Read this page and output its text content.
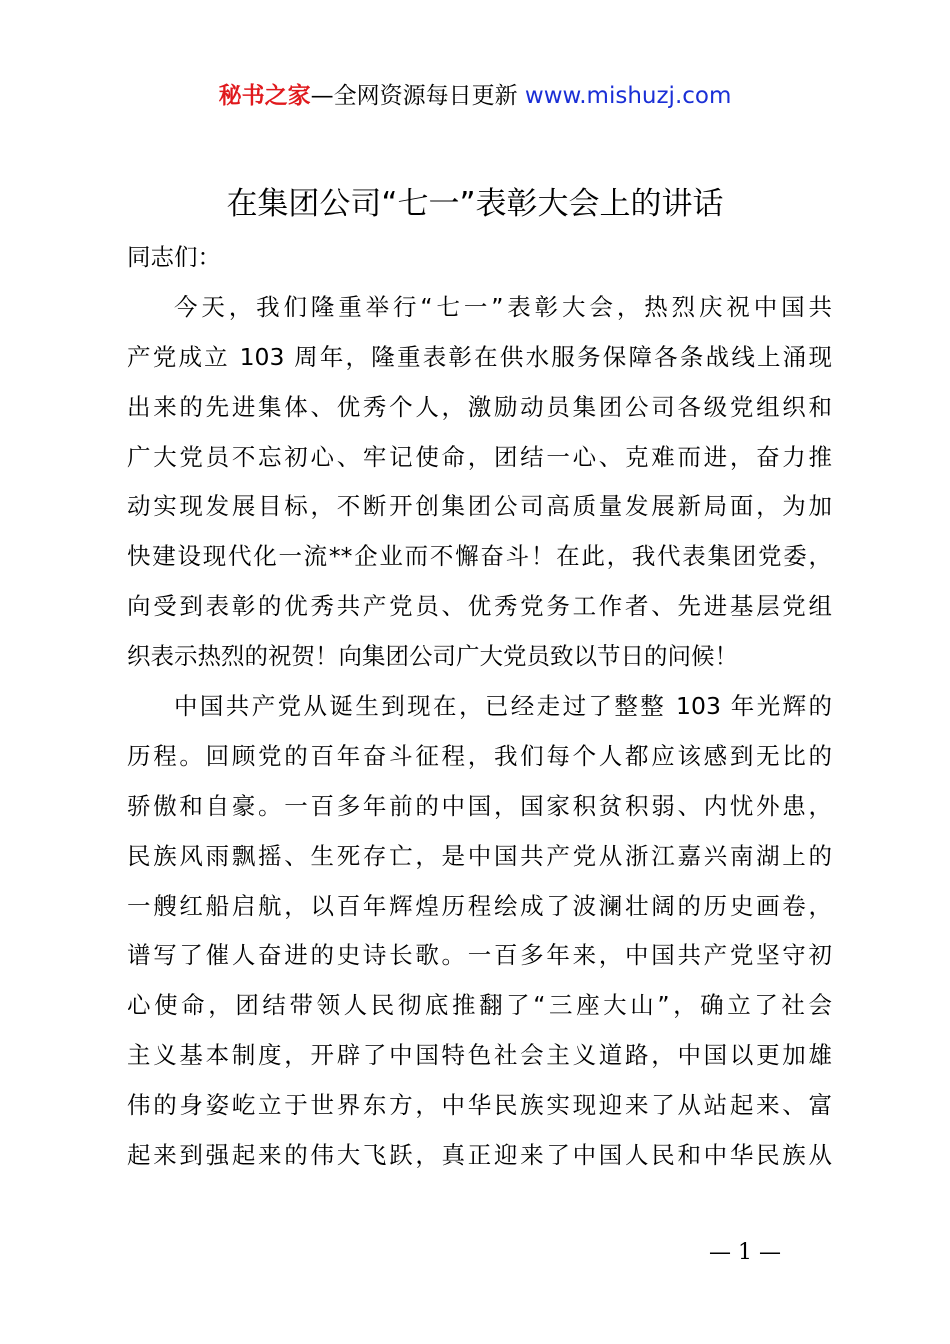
秘书之家—全网资源每日更新 www.mishuzj.com
在集团公司“七一”表彰大会上的讲话
同志们：
今天，我们隆重举行“七一”表彰大会，热烈庆祝中国共
产党成立 103 周年，隆重表彰在供水服务保障各条战线上涌现
出来的先进集体、优秀个人，激励动员集团公司各级党组织和
广大党员不忘初心、牢记使命，团结一心、克难而进，奋力推
动实现发展目标，不断开创集团公司高质量发展新局面，为加
快建设现代化一流**企业而不懈奋斗！在此，我代表集团党委，
向受到表彰的优秀共产党员、优秀党务工作者、先进基层党组
织表示热烈的祝贺！向集团公司广大党员致以节日的问候！
中国共产党从诞生到现在，已经走过了整整 103 年光辉的
历程。回顾党的百年奋斗征程，我们每个人都应该感到无比的
骄傲和自豪。一百多年前的中国，国家积贫积弱、内忧外患，
民族风雨飘摇、生死存亡，是中国共产党从浙江嘉兴南湖上的
一艘红船启航，以百年辉煌历程绘成了波澜壮阔的历史画卷，
谱写了催人奋进的史诗长歌。一百多年来，中国共产党坚守初
心使命，团结带领人民彻底推翻了“三座大山”，确立了社会
主义基本制度，开辟了中国特色社会主义道路，中国以更加雄
伟的身姿屹立于世界东方，中华民族实现迎来了从站起来、富
起来到强起来的伟大飞跃，真正迎来了中国人民和中华民族从
— 1 —
